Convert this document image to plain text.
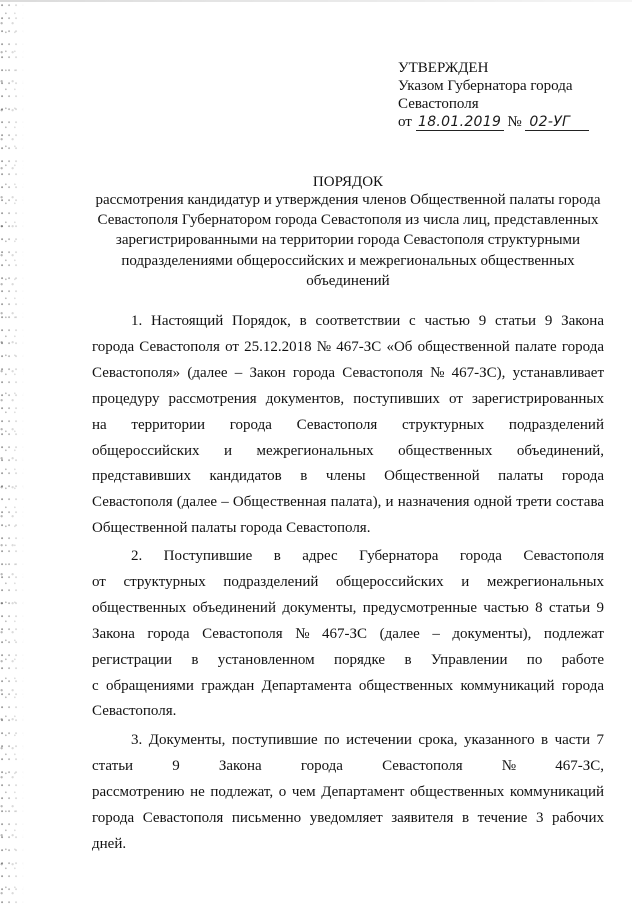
УТВЕРЖДЕН
Указом Губернатора города
Севастополя
от 18.01.2019 № 02-УГ
ПОРЯДОК
рассмотрения кандидатур и утверждения членов Общественной палаты города
Севастополя Губернатором города Севастополя из числа лиц, представленных
зарегистрированными на территории города Севастополя структурными
подразделениями общероссийских и межрегиональных общественных
объединений
1. Настоящий Порядок, в соответствии с частью 9 статьи 9 Закона
города Севастополя от 25.12.2018 № 467-ЗС «Об общественной палате города
Севастополя» (далее – Закон города Севастополя № 467-ЗС), устанавливает
процедуру рассмотрения документов, поступивших от зарегистрированных
на территории города Севастополя структурных подразделений
общероссийских и межрегиональных общественных объединений,
представивших кандидатов в члены Общественной палаты города
Севастополя (далее – Общественная палата), и назначения одной трети состава
Общественной палаты города Севастополя.
2. Поступившие в адрес Губернатора города Севастополя
от структурных подразделений общероссийских и межрегиональных
общественных объединений документы, предусмотренные частью 8 статьи 9
Закона города Севастополя № 467-ЗС (далее – документы), подлежат
регистрации в установленном порядке в Управлении по работе
с обращениями граждан Департамента общественных коммуникаций города
Севастополя.
3. Документы, поступившие по истечении срока, указанного в части 7
статьи 9 Закона города Севастополя № 467-ЗС,
рассмотрению не подлежат, о чем Департамент общественных коммуникаций
города Севастополя письменно уведомляет заявителя в течение 3 рабочих
дней.
